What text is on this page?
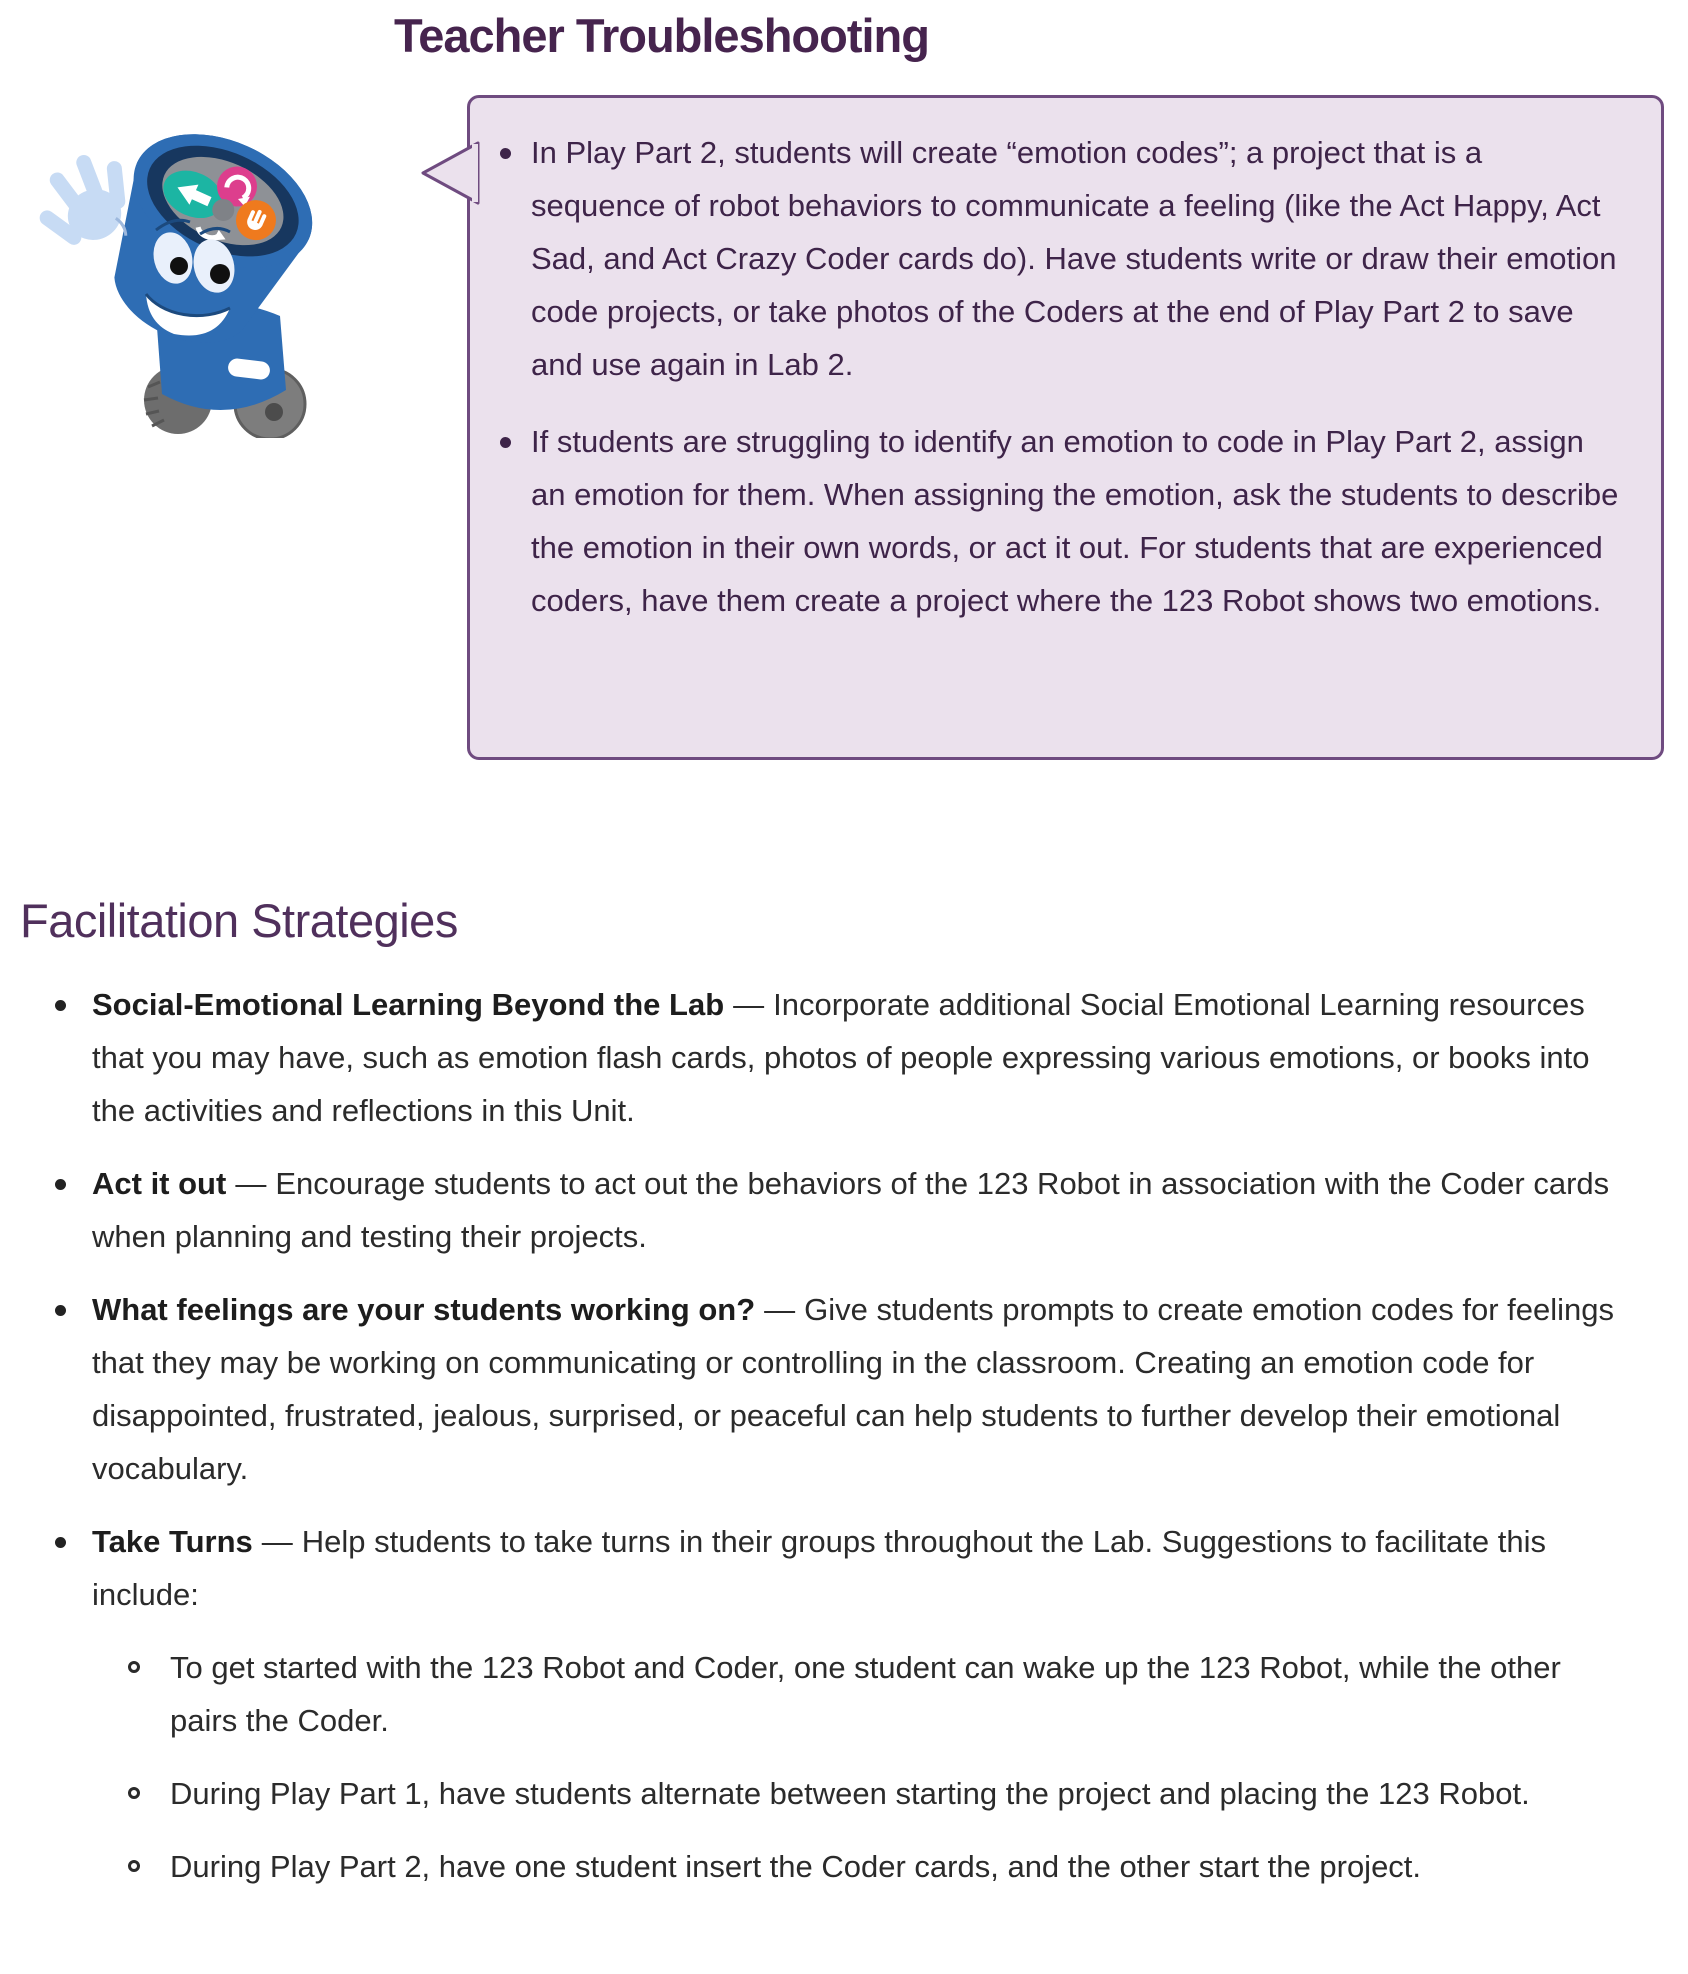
Teacher Troubleshooting
In Play Part 2, students will create “emotion codes”; a project that is a sequence of robot behaviors to communicate a feeling (like the Act Happy, Act Sad, and Act Crazy Coder cards do). Have students write or draw their emotion code projects, or take photos of the Coders at the end of Play Part 2 to save and use again in Lab 2.
If students are struggling to identify an emotion to code in Play Part 2, assign an emotion for them. When assigning the emotion, ask the students to describe the emotion in their own words, or act it out. For students that are experienced coders, have them create a project where the 123 Robot shows two emotions.
Facilitation Strategies
Social-Emotional Learning Beyond the Lab — Incorporate additional Social Emotional Learning resources that you may have, such as emotion flash cards, photos of people expressing various emotions, or books into the activities and reflections in this Unit.
Act it out — Encourage students to act out the behaviors of the 123 Robot in association with the Coder cards when planning and testing their projects.
What feelings are your students working on? — Give students prompts to create emotion codes for feelings that they may be working on communicating or controlling in the classroom. Creating an emotion code for disappointed, frustrated, jealous, surprised, or peaceful can help students to further develop their emotional vocabulary.
Take Turns — Help students to take turns in their groups throughout the Lab. Suggestions to facilitate this include:
To get started with the 123 Robot and Coder, one student can wake up the 123 Robot, while the other pairs the Coder.
During Play Part 1, have students alternate between starting the project and placing the 123 Robot.
During Play Part 2, have one student insert the Coder cards, and the other start the project.
